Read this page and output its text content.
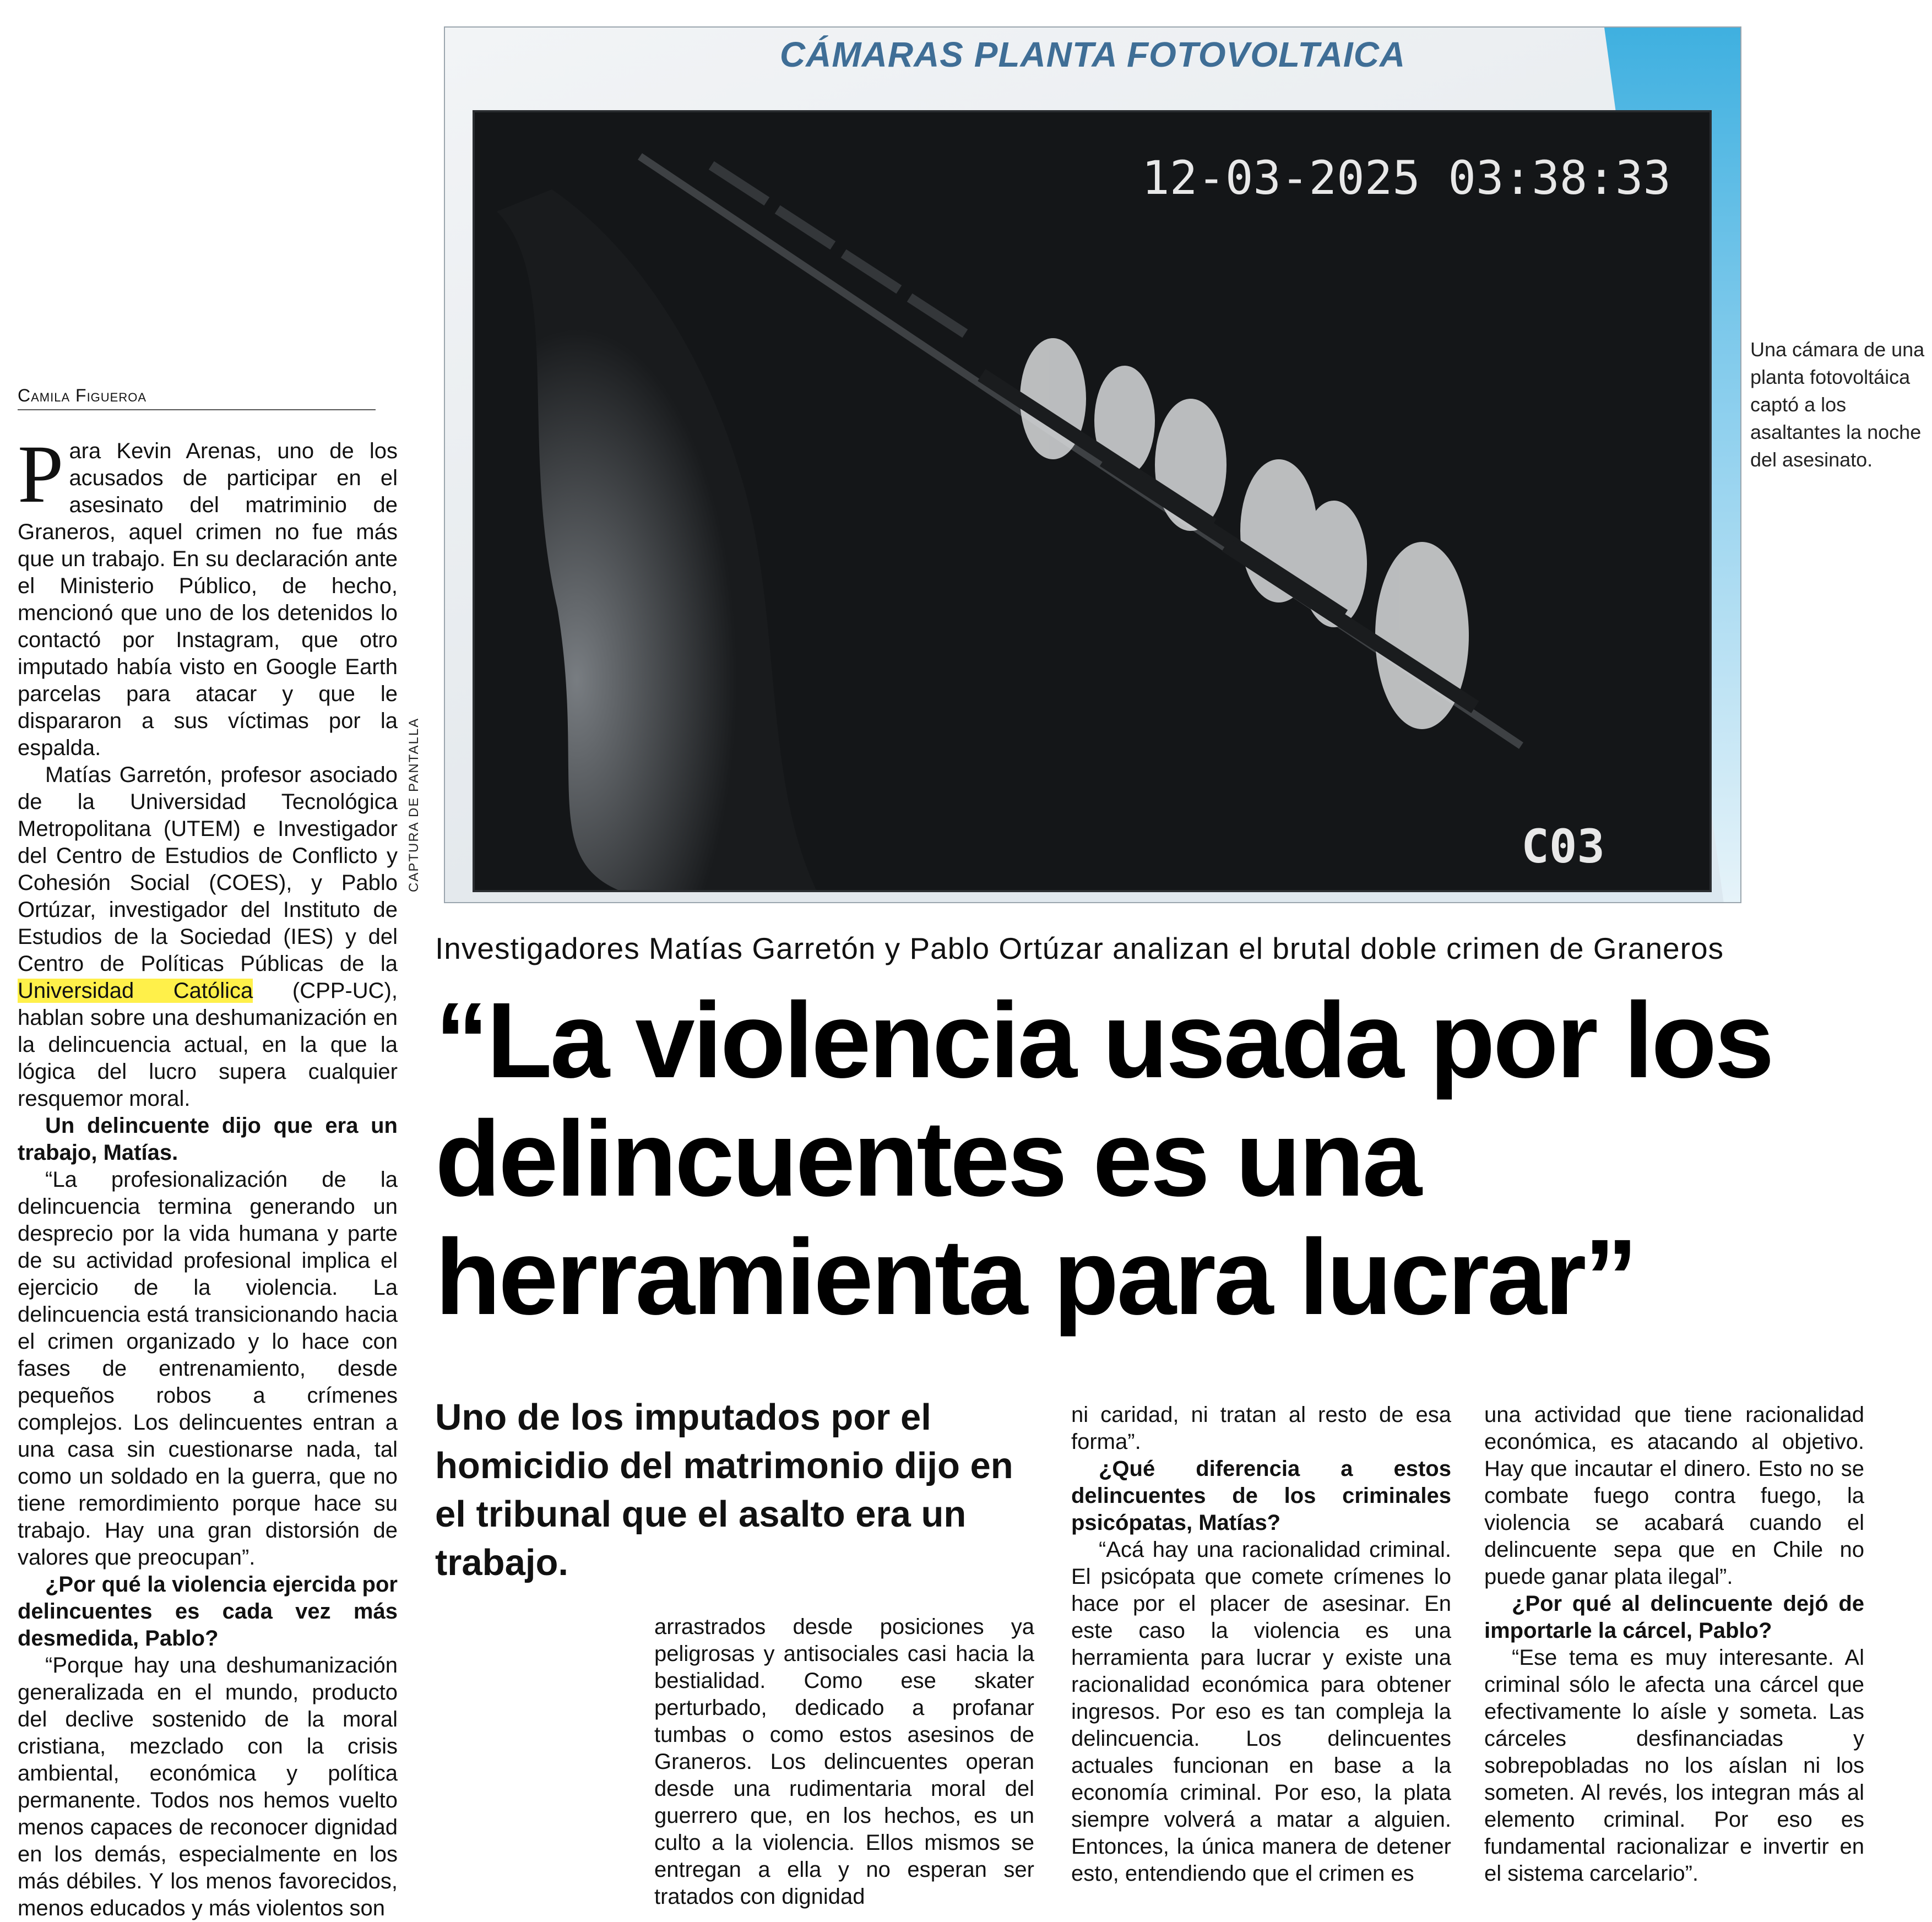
Camila Figueroa

Para Kevin Arenas, uno de los acusados de participar en el asesinato del matriminio de Graneros, aquel crimen no fue más que un trabajo. En su declaración ante el Ministerio Público, de hecho, mencionó que uno de los detenidos lo contactó por Instagram, que otro imputado había visto en Google Earth parcelas para atacar y que le dispararon a sus víctimas por la espalda.

Matías Garretón, profesor asociado de la Universidad Tecnológica Metropolitana (UTEM) e Investigador del Centro de Estudios de Conflicto y Cohesión Social (COES), y Pablo Ortúzar, investigador del Instituto de Estudios de la Sociedad (IES) y del Centro de Políticas Públicas de la Universidad Católica (CPP-UC), hablan sobre una deshumanización en la delincuencia actual, en la que la lógica del lucro supera cualquier resquemor moral.

Un delincuente dijo que era un trabajo, Matías.

“La profesionalización de la delincuencia termina generando un desprecio por la vida humana y parte de su actividad profesional implica el ejercicio de la violencia. La delincuencia está transicionando hacia el crimen organizado y lo hace con fases de entrenamiento, desde pequeños robos a crímenes complejos. Los delincuentes entran a una casa sin cuestionarse nada, tal como un soldado en la guerra, que no tiene remordimiento porque hace su trabajo. Hay una gran distorsión de valores que preocupan”.

¿Por qué la violencia ejercida por delincuentes es cada vez más desmedida, Pablo?

“Porque hay una deshumanización generalizada en el mundo, producto del declive sostenido de la moral cristiana, mezclado con la crisis ambiental, económica y política permanente. Todos nos hemos vuelto menos capaces de reconocer dignidad en los demás, especialmente en los más débiles. Y los menos favorecidos, menos educados y más violentos son

CÁMARAS PLANTA FOTOVOLTAICA
12-03-2025 03:38:33
C03
CAPTURA DE PANTALLA
Una cámara de una planta fotovoltáica captó a los asaltantes la noche del asesinato.
Investigadores Matías Garretón y Pablo Ortúzar analizan el brutal doble crimen de Graneros
“La violencia usada por los delincuentes es una herramienta para lucrar”
Uno de los imputados por el homicidio del matrimonio dijo en el tribunal que el asalto era un trabajo.

arrastrados desde posiciones ya peligrosas y antisociales casi hacia la bestialidad. Como ese skater perturbado, dedicado a profanar tumbas o como estos asesinos de Graneros. Los delincuentes operan desde una rudimentaria moral del guerrero que, en los hechos, es un culto a la violencia. Ellos mismos se entregan a ella y no esperan ser tratados con dignidad

ni caridad, ni tratan al resto de esa forma”.

¿Qué diferencia a estos delincuentes de los criminales psicópatas, Matías?

“Acá hay una racionalidad criminal. El psicópata que comete crímenes lo hace por el placer de asesinar. En este caso la violencia es una herramienta para lucrar y existe una racionalidad económica para obtener ingresos. Por eso es tan compleja la delincuencia. Los delincuentes actuales funcionan en base a la economía criminal. Por eso, la plata siempre volverá a matar a alguien. Entonces, la única manera de detener esto, entendiendo que el crimen es

una actividad que tiene racionalidad económica, es atacando al objetivo. Hay que incautar el dinero. Esto no se combate fuego contra fuego, la violencia se acabará cuando el delincuente sepa que en Chile no puede ganar plata ilegal”.

¿Por qué al delincuente dejó de importarle la cárcel, Pablo?

“Ese tema es muy interesante. Al criminal sólo le afecta una cárcel que efectivamente lo aísle y someta. Las cárceles desfinanciadas y sobrepobladas no los aíslan ni los someten. Al revés, los integran más al elemento criminal. Por eso es fundamental racionalizar e invertir en el sistema carcelario”.
